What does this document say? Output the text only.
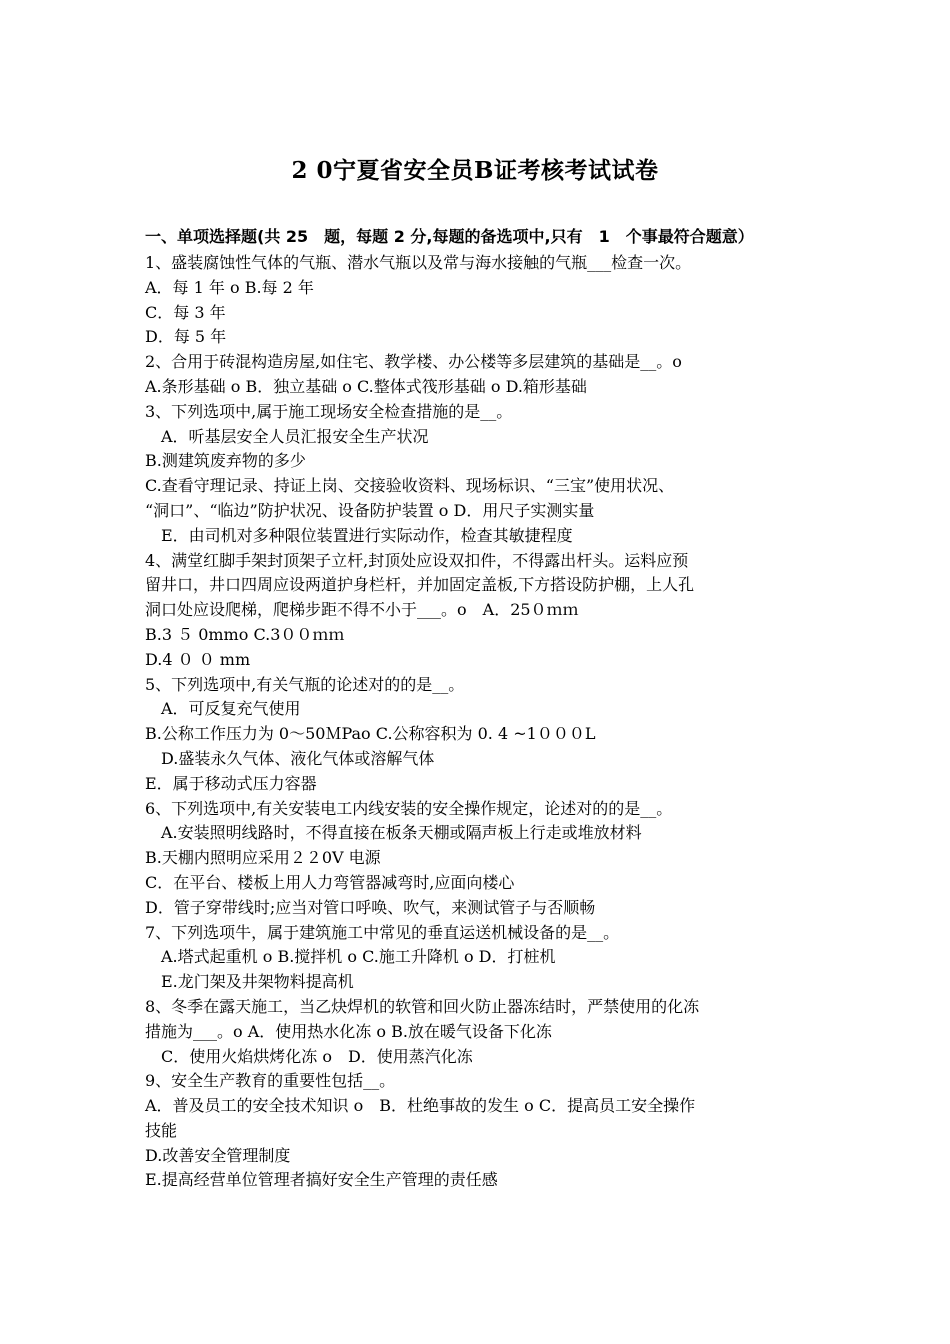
2 0宁夏省安全员B证考核考试试卷
一、单项选择题(共 25　题，每题 2 分,每题的备选项中,只有　1　个事最符合题意）
1、盛装腐蚀性气体的气瓶、潜水气瓶以及常与海水接触的气瓶___检查一次。
A．每 1 年 ο B.每 2 年
C．每 3 年
D．每 5 年
2、合用于砖混构造房屋,如住宅、教学楼、办公楼等多层建筑的基础是__。ο
A.条形基础 ο B．独立基础 ο C.整体式筏形基础 ο D.箱形基础
3、下列选项中,属于施工现场安全检查措施的是__。
　A．听基层安全人员汇报安全生产状况
B.测建筑废弃物的多少
C.查看守理记录、持证上岗、交接验收资料、现场标识、“三宝”使用状况、
“洞口”、“临边”防护状况、设备防护装置 ο D．用尺子实测实量
　E．由司机对多种限位装置进行实际动作，检查其敏捷程度
4、满堂红脚手架封顶架子立杆,封顶处应设双扣件，不得露出杆头。运料应预
留井口，井口四周应设两道护身栏杆，并加固定盖板,下方搭设防护棚，上人孔
洞口处应设爬梯，爬梯步距不得不小于___。ο　A．25０ｍｍ
B.3 ５ 0mmο C.3００ｍｍ
D.4 ０ ０ mm
5、下列选项中,有关气瓶的论述对的的是__。
　A．可反复充气使用
B.公称工作压力为 0～50ＭPaο C.公称容积为 0. 4 ~1０００L
　D.盛装永久气体、液化气体或溶解气体
E．属于移动式压力容器
6、下列选项中,有关安装电工内线安装的安全操作规定，论述对的的是__。
　A.安装照明线路时，不得直接在板条天棚或隔声板上行走或堆放材料
B.天棚内照明应采用２２0V 电源
C．在平台、楼板上用人力弯管器减弯时,应面向楼心
D．管子穿带线时;应当对管口呼唤、吹气，来测试管子与否顺畅
7、下列选项牛，属于建筑施工中常见的垂直运送机械设备的是__。
　A.塔式起重机 ο B.搅拌机 ο C.施工升降机 ο D．打桩机
　E.龙门架及井架物料提高机
8、冬季在露天施工，当乙炔焊机的软管和回火防止器冻结时，严禁使用的化冻
措施为___。ο A．使用热水化冻 ο B.放在暖气设备下化冻
　C．使用火焰烘烤化冻 ο　D．使用蒸汽化冻
9、安全生产教育的重要性包括__。
A．普及员工的安全技术知识 ο　B．杜绝事故的发生 ο C．提高员工安全操作
技能
D.改善安全管理制度
E.提高经营单位管理者搞好安全生产管理的责任感
